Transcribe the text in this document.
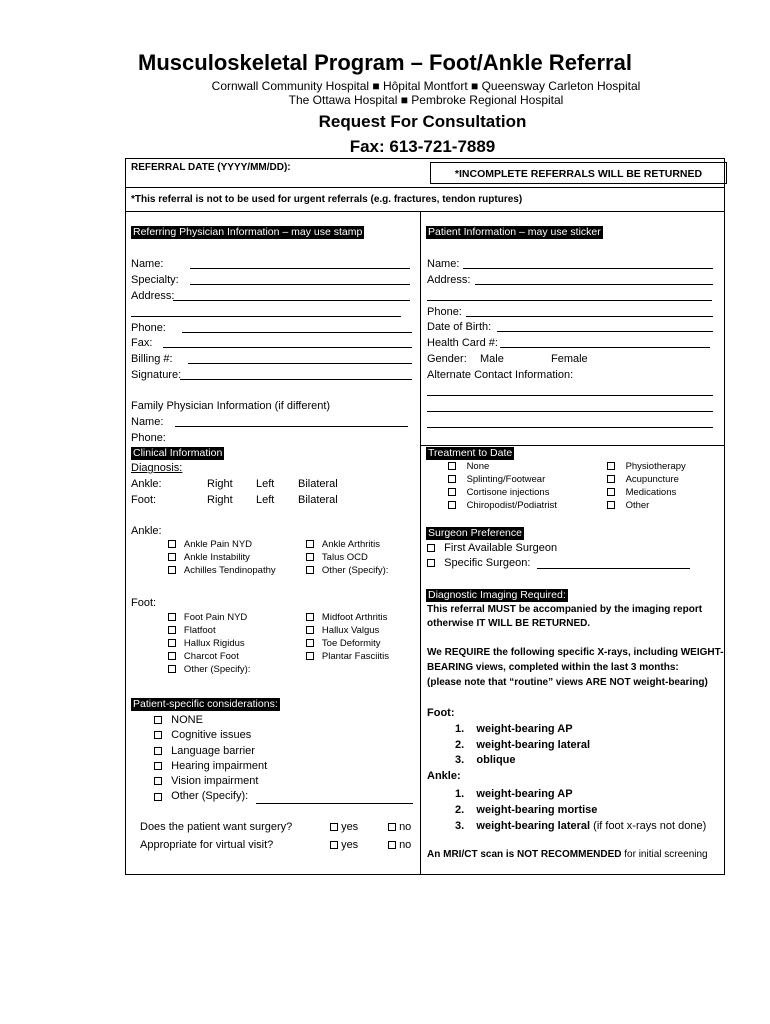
Musculoskeletal Program – Foot/Ankle Referral
Cornwall Community Hospital ■ Hôpital Montfort ■ Queensway Carleton Hospital
The Ottawa Hospital ■ Pembroke Regional Hospital
Request For Consultation
Fax: 613-721-7889
REFERRAL DATE (YYYY/MM/DD):
*INCOMPLETE REFERRALS WILL BE RETURNED
*This referral is not to be used for urgent referrals (e.g. fractures, tendon ruptures)
Referring Physician Information – may use stamp
Name:
Specialty:
Address:
Phone:
Fax:
Billing #:
Signature:
Family Physician Information (if different)
Name:
Phone:
Patient Information – may use sticker
Name:
Address:
Phone:
Date of Birth:
Health Card #:
Gender: Male	Female
Alternate Contact Information:
Clinical Information
Diagnosis:
Ankle:	Right Left Bilateral
Foot:	Right Left Bilateral
Ankle:
Ankle Pain NYD
Ankle Instability
Achilles Tendinopathy
Ankle Arthritis
Talus OCD
Other (Specify):
Foot:
Foot Pain NYD
Flatfoot
Hallux Rigidus
Charcot Foot
Other (Specify):
Midfoot Arthritis
Hallux Valgus
Toe Deformity
Plantar Fasciitis
Patient-specific considerations:
NONE
Cognitive issues
Language barrier
Hearing impairment
Vision impairment
Other (Specify):
Does the patient want surgery?	yes	no
Appropriate for virtual visit?	yes	no
Treatment to Date
None
Splinting/Footwear
Cortisone injections
Chiropodist/Podiatrist
Physiotherapy
Acupuncture
Medications
Other
Surgeon Preference
First Available Surgeon
Specific Surgeon:
Diagnostic Imaging Required:
This referral MUST be accompanied by the imaging report
otherwise IT WILL BE RETURNED.
We REQUIRE the following specific X-rays, including WEIGHT-
BEARING views, completed within the last 3 months:
(please note that “routine” views ARE NOT weight-bearing)
Foot:
1.    weight-bearing AP
2.    weight-bearing lateral
3.    oblique
Ankle:
1.    weight-bearing AP
2.    weight-bearing mortise
3.    weight-bearing lateral (if foot x-rays not done)
An MRI/CT scan is NOT RECOMMENDED for initial screening
